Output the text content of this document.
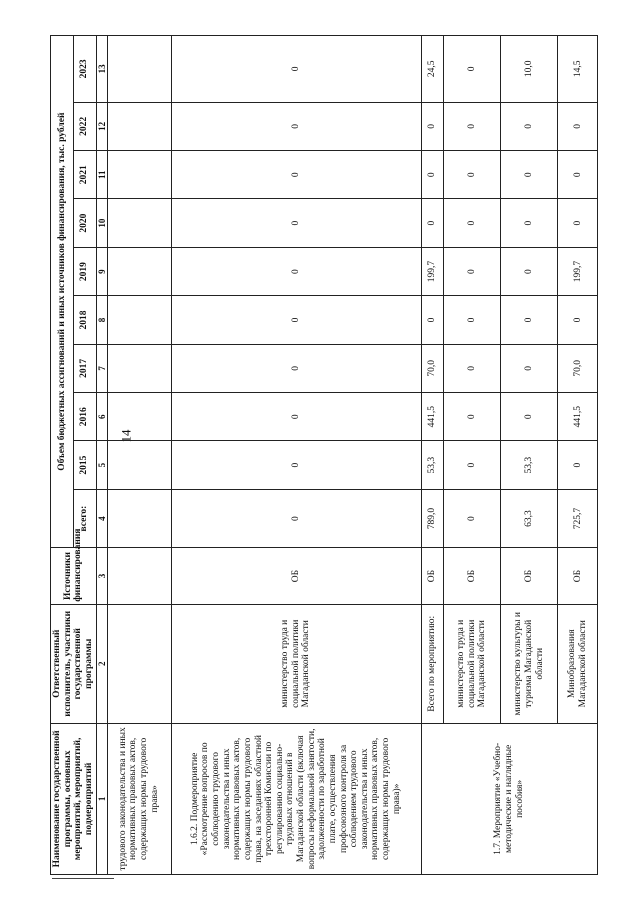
14
Наименование государственной программы, основных мероприятий, мероприятий, подмероприятий	Ответственный исполнитель, участники государственной программы	Источники финансирования	Объем бюджетных ассигнований и иных источников финансирования, тыс. рублей									
			всего:	2015	2016	2017	2018	2019	2020	2021	2022	2023
1	2	3	4	5	6	7	8	9	10	11	12	13
трудового законодательства и иных нормативных правовых актов, содержащих нормы трудового права»												
1.6.2. Подмероприятие «Рассмотрение вопросов по соблюдению трудового законодательства и иных нормативных правовых актов, содержащих нормы трудового права, на заседаниях областной трехсторонней Комиссии по регулированию социально-трудовых отношений в Магаданской области (включая вопросы неформальной занятости, задолженности по заработной плате, осуществления профсоюзного контроля за соблюдением трудового законодательства и иных нормативных правовых актов, содержащих нормы трудового права)»	министерство труда и социальной политики Магаданской области	ОБ	0	0	0	0	0	0	0	0	0	0
1.7. Мероприятие «Учебно-методические и наглядные пособия»	Всего по мероприятию:	ОБ	789,0	53,3	441,5	70,0	0	199,7	0	0	0	24,5
	министерство труда и социальной политики Магаданской области	ОБ	0	0	0	0	0	0	0	0	0	0
	министерство культуры и туризма Магаданской области	ОБ	63,3	53,3	0	0	0	0	0	0	0	10,0
	Минобразования Магаданской области	ОБ	725,7	0	441,5	70,0	0	199,7	0	0	0	14,5
